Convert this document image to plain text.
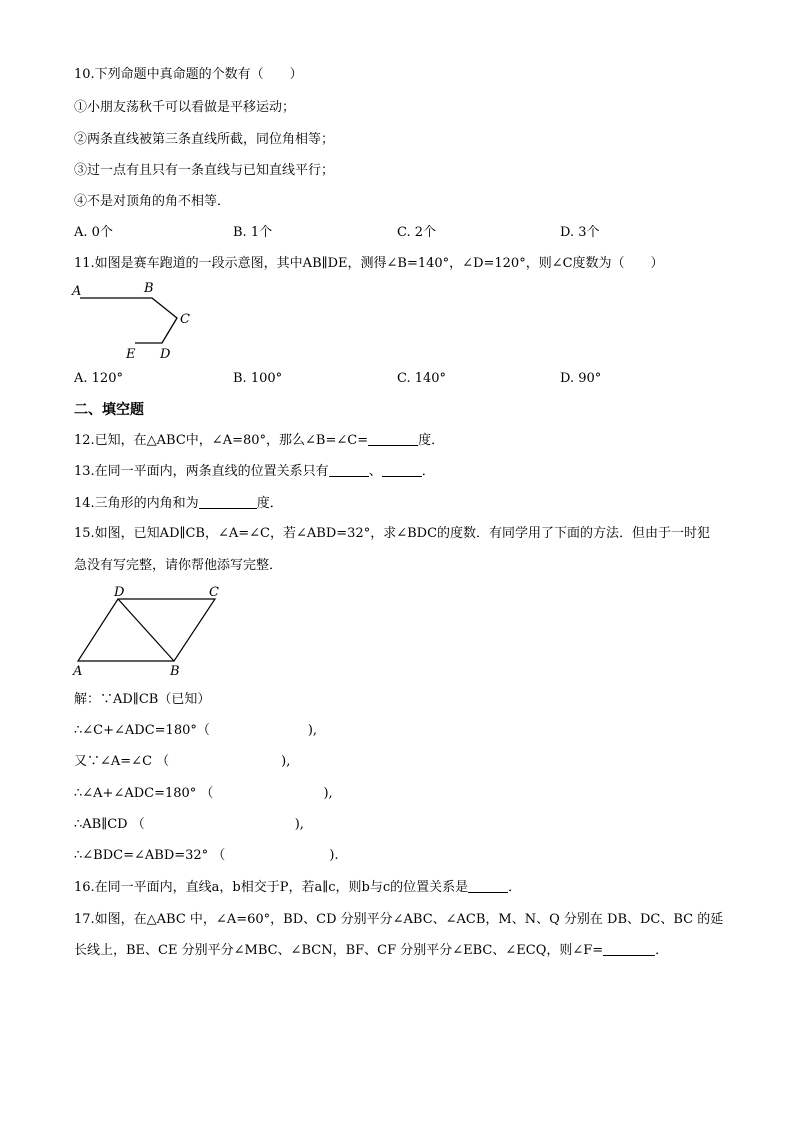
10.下列命题中真命题的个数有（　　）
①小朋友荡秋千可以看做是平移运动；
②两条直线被第三条直线所截，同位角相等；
③过一点有且只有一条直线与已知直线平行；
④不是对顶角的角不相等．
A. 0个	B. 1个	C. 2个	D. 3个
11.如图是赛车跑道的一段示意图，其中AB∥DE，测得∠B=140°，∠D=120°，则∠C度数为（　　）
A	B
C
D
E
A. 120°	B. 100°	C. 140°	D. 90°
二、填空题
12.已知，在△ABC中，∠A=80°，那么∠B=∠C=	度．
13.在同一平面内，两条直线的位置关系只有	、	．
14.三角形的内角和为	度．
15.如图，已知AD∥CB，∠A=∠C，若∠ABD=32°，求∠BDC的度数．有同学用了下面的方法．但由于一时犯
急没有写完整，请你帮他添写完整．
D	C
A	B
解：∵AD∥CB（已知）
∴∠C+∠ADC=180°（	),
又∵∠A=∠C （	),
∴∠A+∠ADC=180° （	),
∴AB∥CD （	),
∴∠BDC=∠ABD=32° （	).
16.在同一平面内，直线a，b相交于P，若a∥c，则b与c的位置关系是	．
17.如图，在△ABC 中，∠A=60°，BD、CD 分别平分∠ABC、∠ACB，M、N、Q 分别在 DB、DC、BC 的延
长线上，BE、CE 分别平分∠MBC、∠BCN，BF、CF 分别平分∠EBC、∠ECQ，则∠F=	．
